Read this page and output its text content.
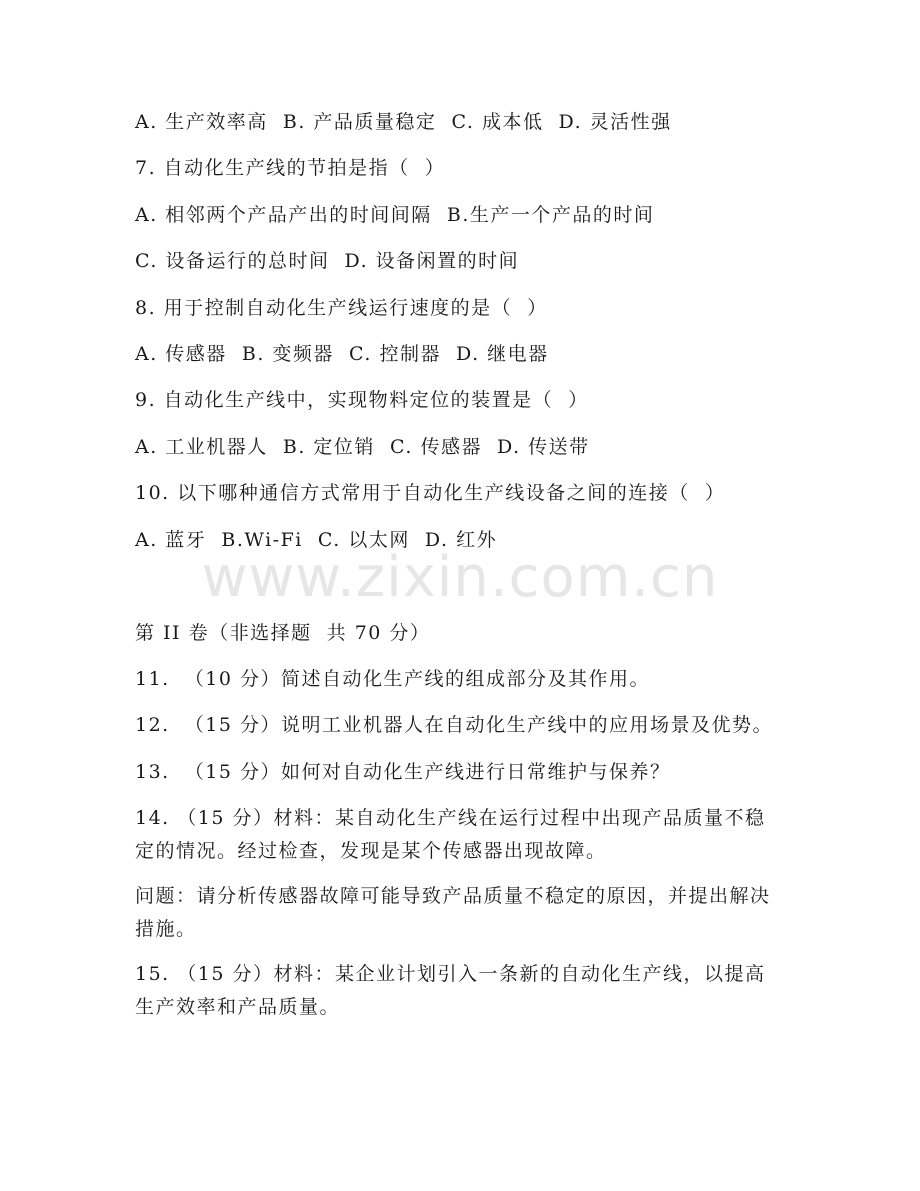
A. 生产效率高  B. 产品质量稳定  C. 成本低  D. 灵活性强
7. 自动化生产线的节拍是指（  ）
A. 相邻两个产品产出的时间间隔  B.生产一个产品的时间
C. 设备运行的总时间  D. 设备闲置的时间
8. 用于控制自动化生产线运行速度的是（  ）
A. 传感器  B. 变频器  C. 控制器  D. 继电器
9. 自动化生产线中，实现物料定位的装置是（  ）
A. 工业机器人  B. 定位销  C. 传感器  D. 传送带
10. 以下哪种通信方式常用于自动化生产线设备之间的连接（  ）
A. 蓝牙  B.Wi-Fi  C. 以太网  D. 红外
www.zixin.com.cn
第 II 卷（非选择题  共 70 分）
11.  （10 分）简述自动化生产线的组成部分及其作用。
12.  （15 分）说明工业机器人在自动化生产线中的应用场景及优势。
13.  （15 分）如何对自动化生产线进行日常维护与保养？
14. （15 分）材料：某自动化生产线在运行过程中出现产品质量不稳定的情况。经过检查，发现是某个传感器出现故障。
问题：请分析传感器故障可能导致产品质量不稳定的原因，并提出解决措施。
15. （15 分）材料：某企业计划引入一条新的自动化生产线，以提高生产效率和产品质量。
